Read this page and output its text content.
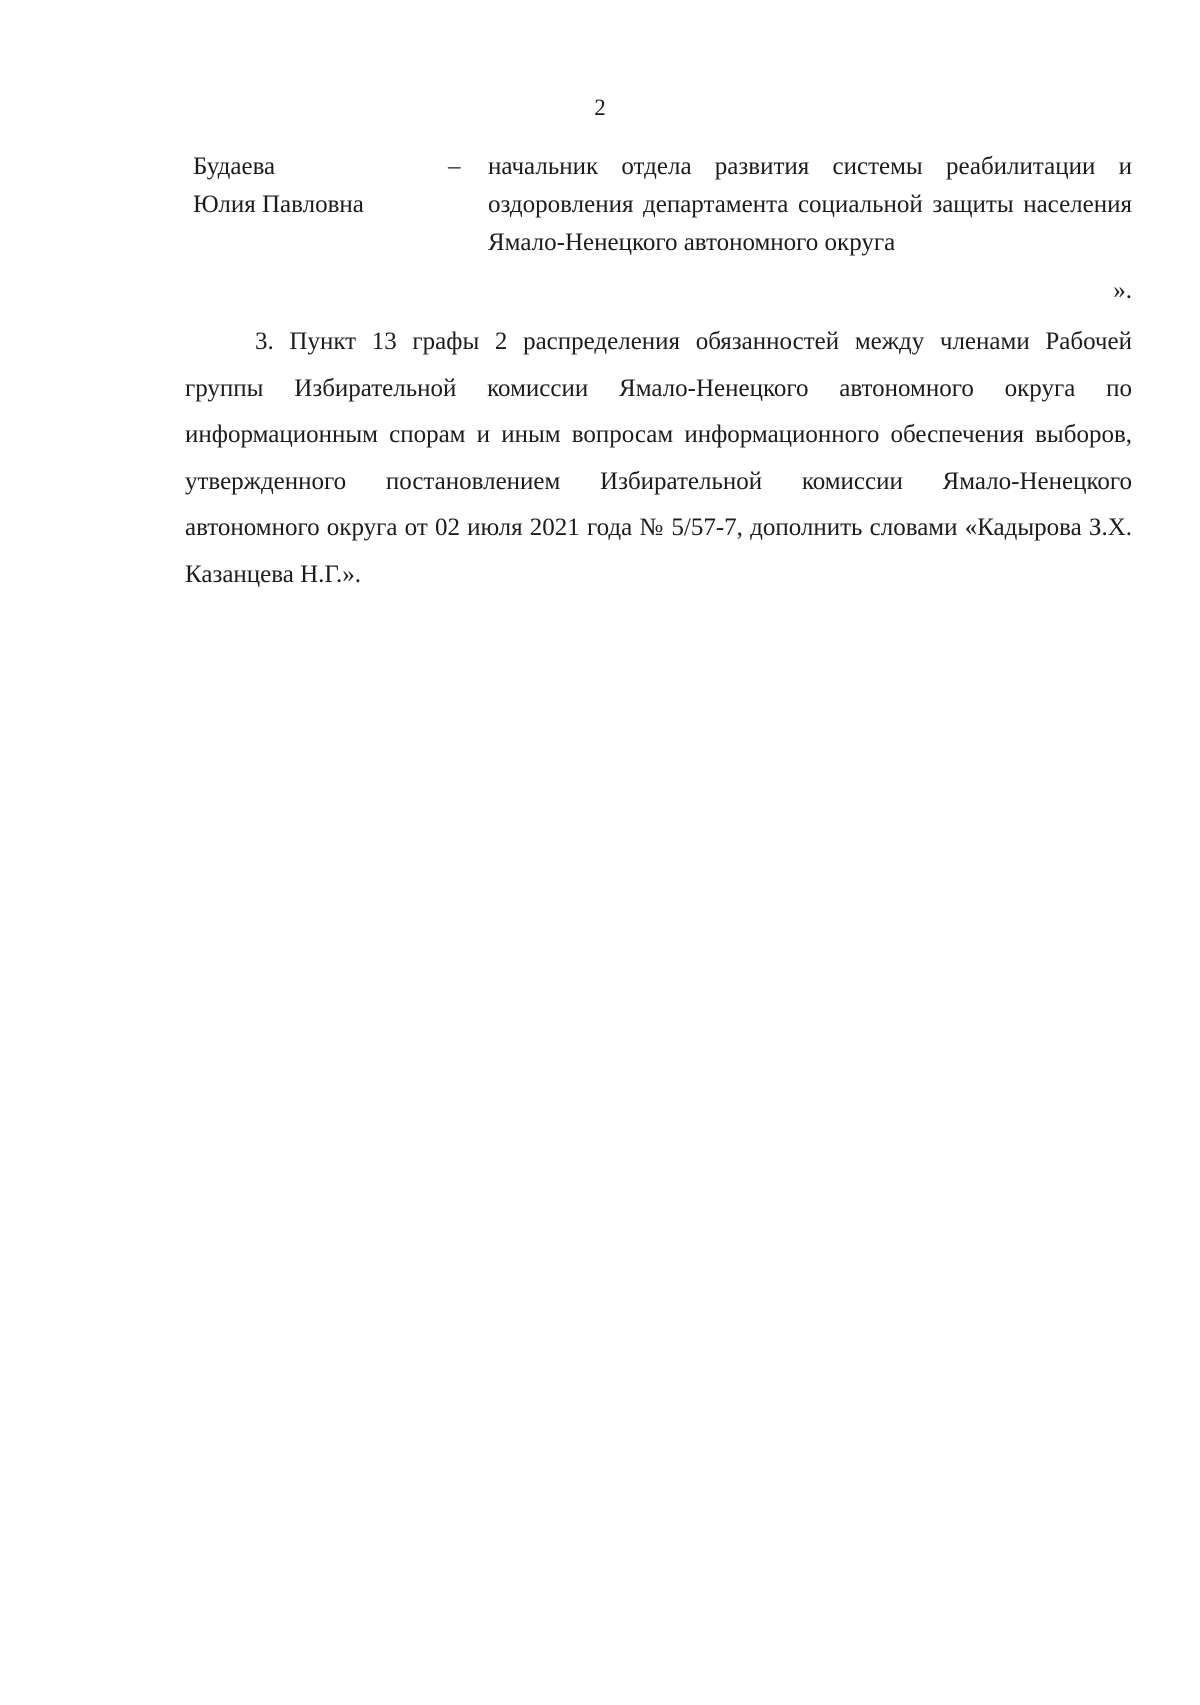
2
Будаева
Юлия Павловна
– начальник отдела развития системы реабилитации и оздоровления департамента социальной защиты населения Ямало-Ненецкого автономного округа
».

3. Пункт 13 графы 2 распределения обязанностей между членами Рабочей группы Избирательной комиссии Ямало-Ненецкого автономного округа по информационным спорам и иным вопросам информационного обеспечения выборов, утвержденного постановлением Избирательной комиссии Ямало-Ненецкого автономного округа от 02 июля 2021 года № 5/57-7, дополнить словами «Кадырова З.Х. Казанцева Н.Г.».
